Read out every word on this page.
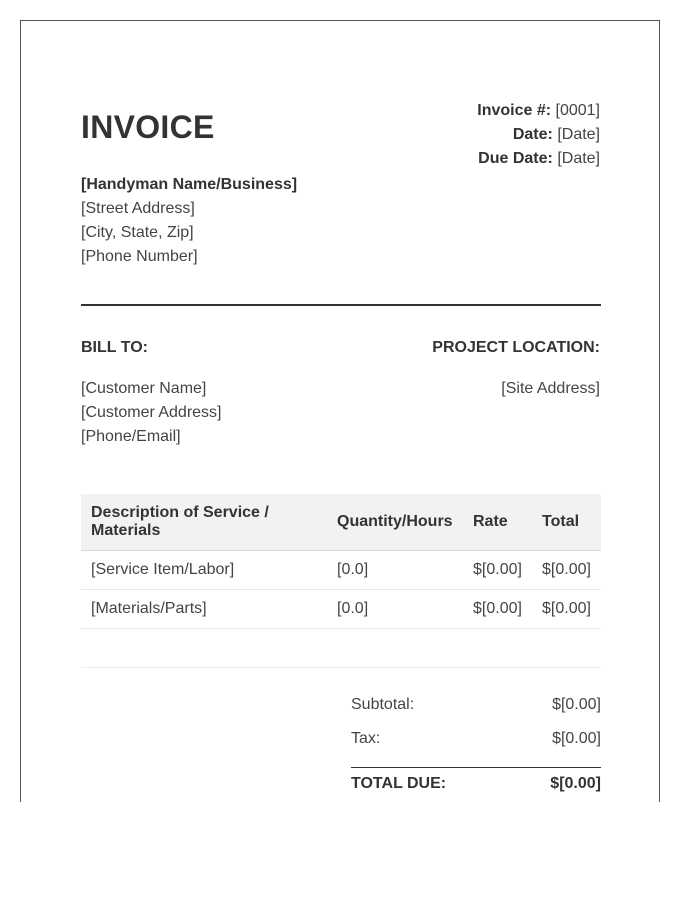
INVOICE	Invoice #: [0001]
Date: [Date]
Due Date: [Date]
[Handyman Name/Business]
[Street Address]
[City, State, Zip]
[Phone Number]
BILL TO:	PROJECT LOCATION:
[Customer Name]
[Customer Address]
[Phone/Email]
[Site Address]
Description of Service / Materials	Quantity/Hours	Rate	Total
[Service Item/Labor]	[0.0]	$[0.00]	$[0.00]
[Materials/Parts]	[0.0]	$[0.00]	$[0.00]
Subtotal:	$[0.00]
Tax:	$[0.00]
TOTAL DUE:	$[0.00]
